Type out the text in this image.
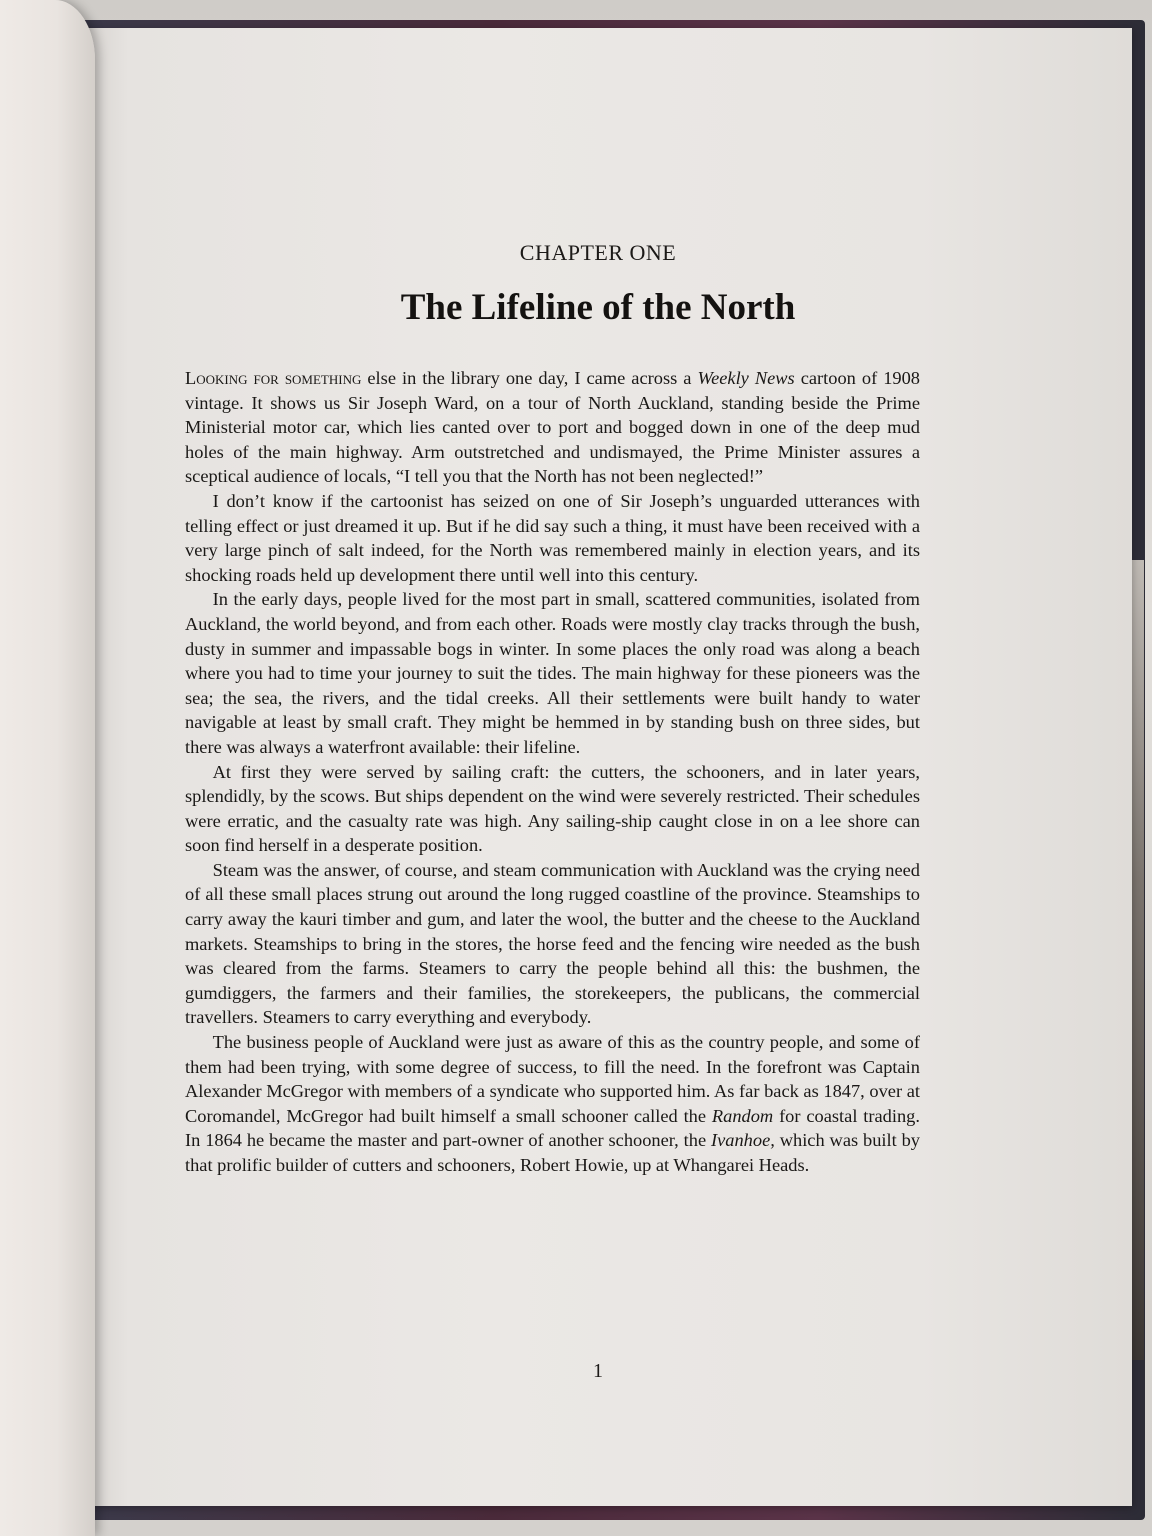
CHAPTER ONE
The Lifeline of the North

Looking for something else in the library one day, I came across a Weekly News cartoon of 1908 vintage. It shows us Sir Joseph Ward, on a tour of North Auckland, standing beside the Prime Ministerial motor car, which lies canted over to port and bogged down in one of the deep mud holes of the main highway. Arm outstretched and undismayed, the Prime Minister assures a sceptical audience of locals, “I tell you that the North has not been neglected!”

I don’t know if the cartoonist has seized on one of Sir Joseph’s unguarded utterances with telling effect or just dreamed it up. But if he did say such a thing, it must have been received with a very large pinch of salt indeed, for the North was remembered mainly in election years, and its shocking roads held up development there until well into this century.

In the early days, people lived for the most part in small, scattered communities, isolated from Auckland, the world beyond, and from each other. Roads were mostly clay tracks through the bush, dusty in summer and impassable bogs in winter. In some places the only road was along a beach where you had to time your journey to suit the tides. The main highway for these pioneers was the sea; the sea, the rivers, and the tidal creeks. All their settlements were built handy to water navigable at least by small craft. They might be hemmed in by standing bush on three sides, but there was always a waterfront available: their lifeline.

At first they were served by sailing craft: the cutters, the schooners, and in later years, splendidly, by the scows. But ships dependent on the wind were severely restricted. Their schedules were erratic, and the casualty rate was high. Any sailing-ship caught close in on a lee shore can soon find herself in a desperate position.

Steam was the answer, of course, and steam communication with Auckland was the crying need of all these small places strung out around the long rugged coastline of the province. Steamships to carry away the kauri timber and gum, and later the wool, the butter and the cheese to the Auckland markets. Steamships to bring in the stores, the horse feed and the fencing wire needed as the bush was cleared from the farms. Steamers to carry the people behind all this: the bushmen, the gumdiggers, the farmers and their families, the storekeepers, the publicans, the commercial travellers. Steamers to carry everything and everybody.

The business people of Auckland were just as aware of this as the country people, and some of them had been trying, with some degree of success, to fill the need. In the forefront was Captain Alexander McGregor with members of a syndicate who supported him. As far back as 1847, over at Coromandel, McGregor had built himself a small schooner called the Random for coastal trading. In 1864 he became the master and part-owner of another schooner, the Ivanhoe, which was built by that prolific builder of cutters and schooners, Robert Howie, up at Whangarei Heads.

1
